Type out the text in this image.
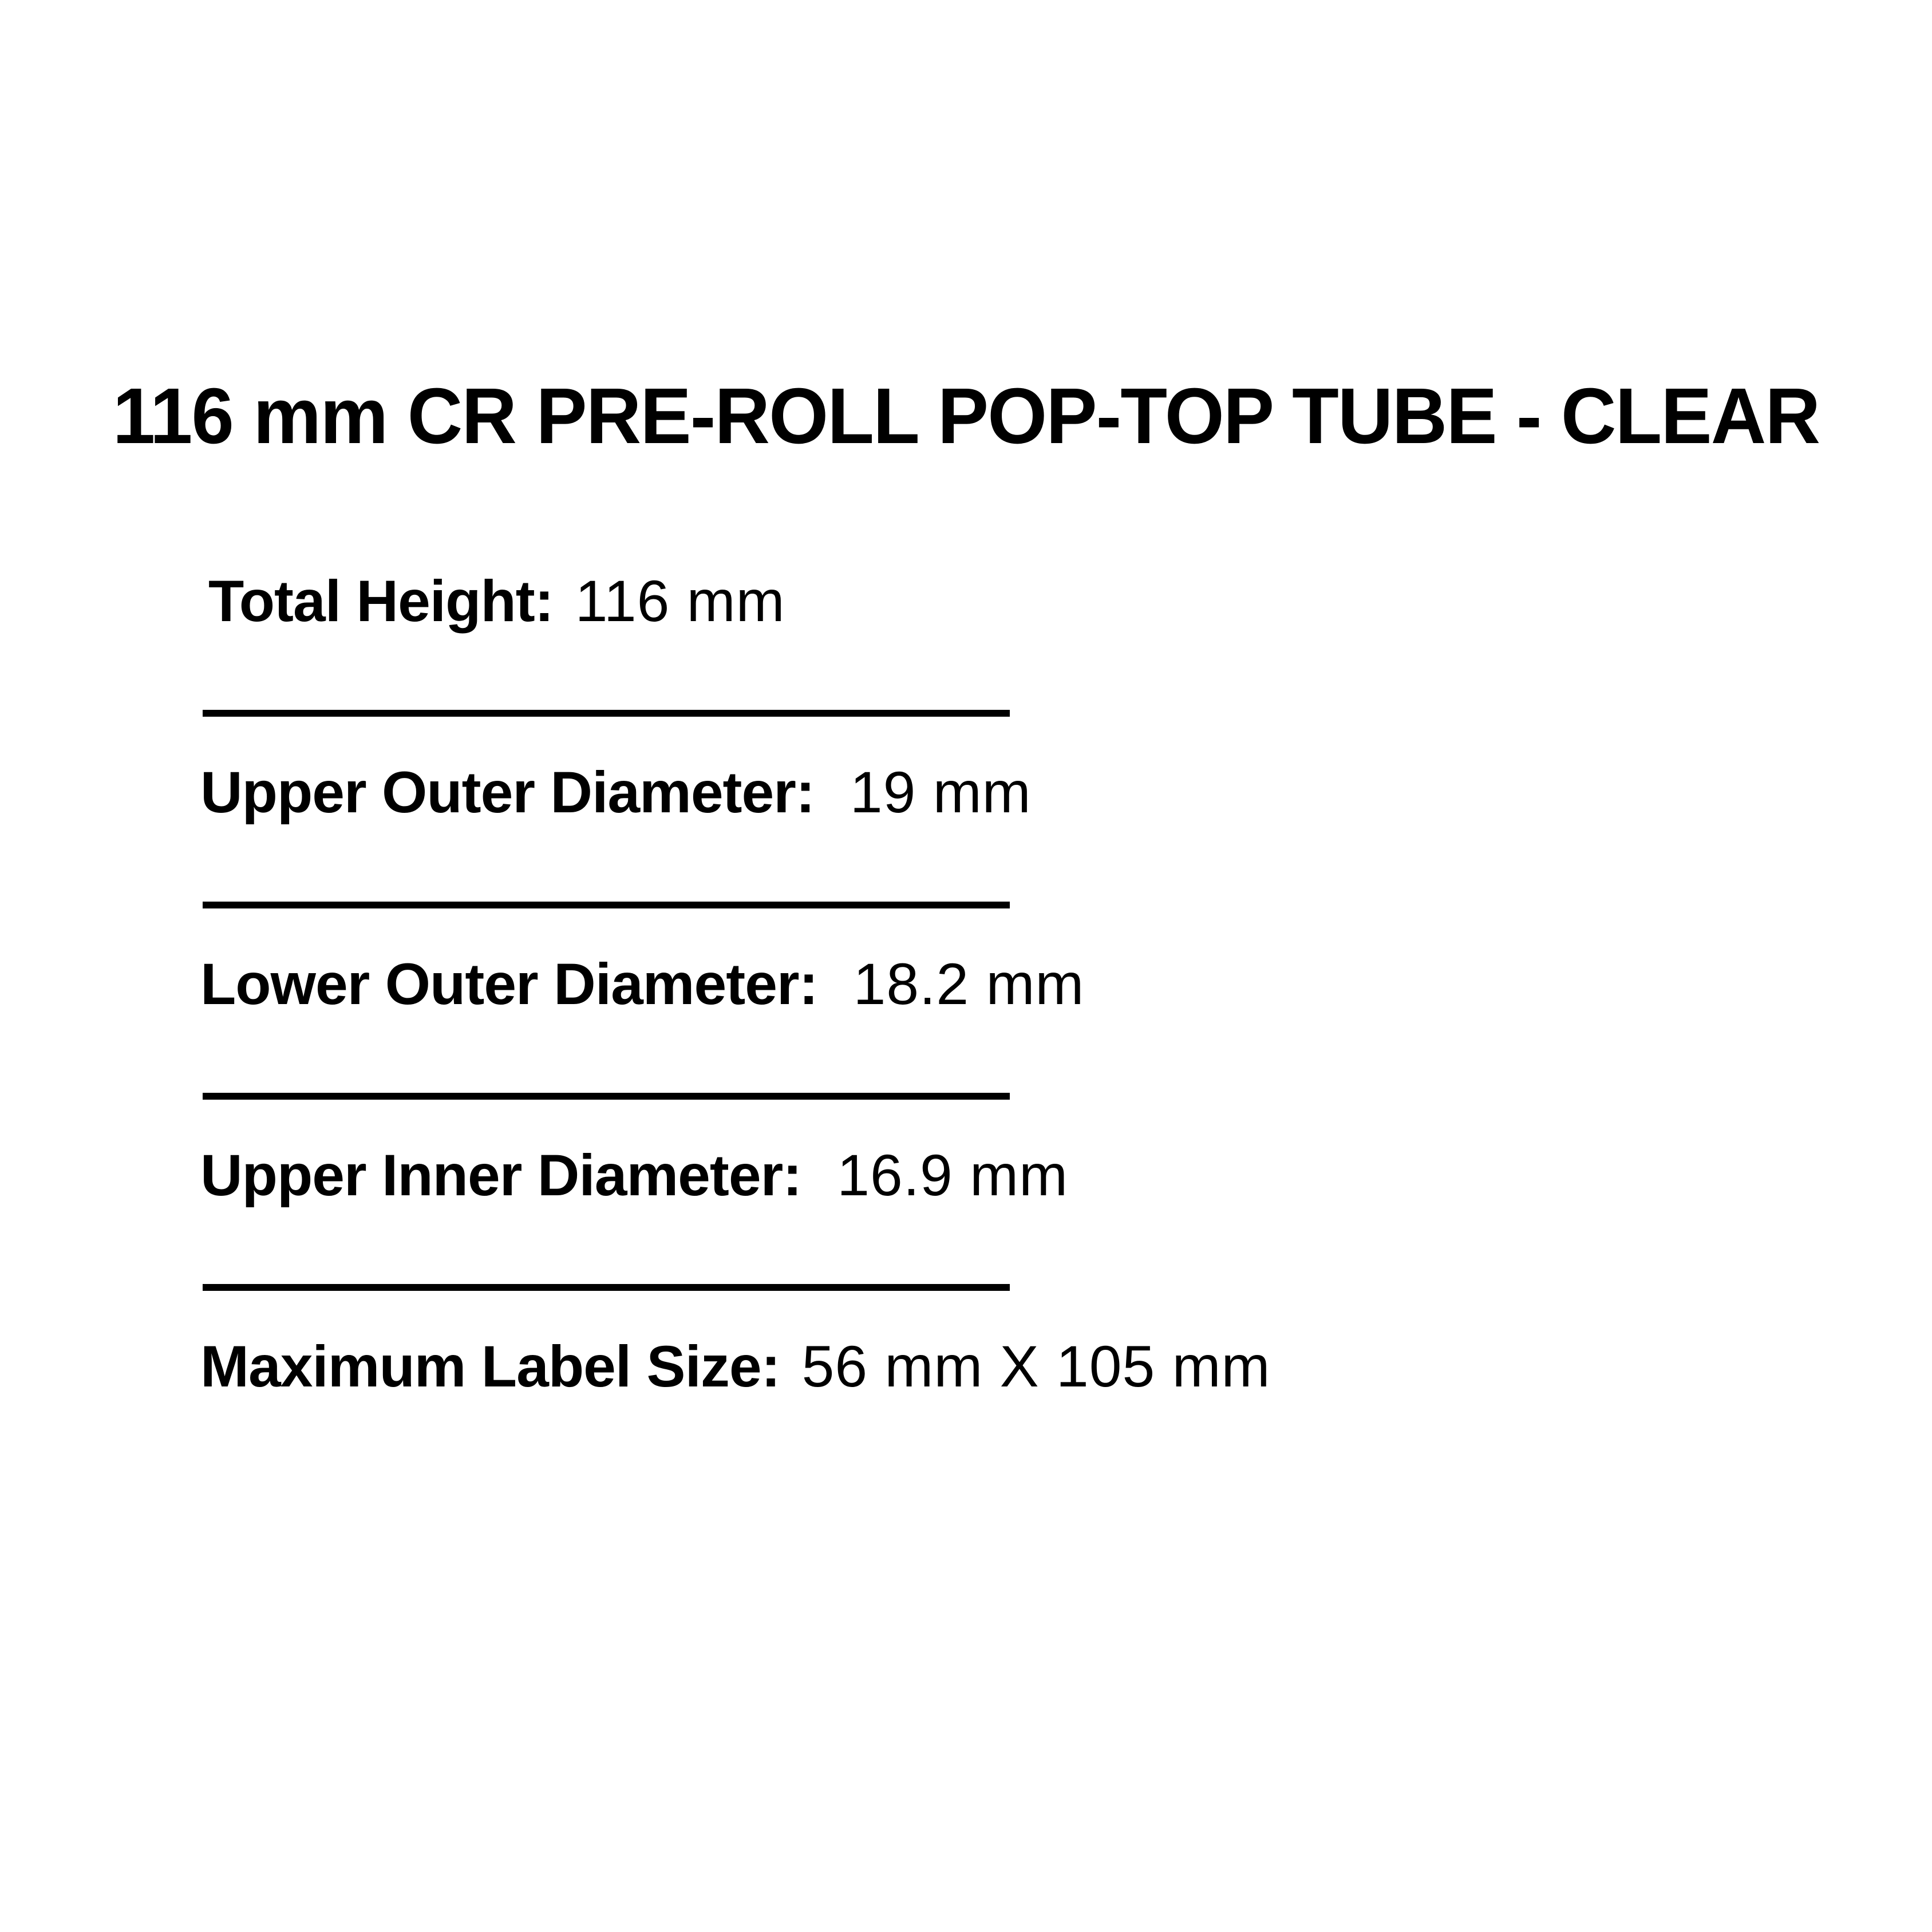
116 mm CR PRE-ROLL POP-TOP TUBE - CLEAR
Total Height: 116 mm
Upper Outer Diameter: 19 mm
Lower Outer Diameter: 18.2 mm
Upper Inner Diameter: 16.9 mm
Maximum Label Size: 56 mm X 105 mm
